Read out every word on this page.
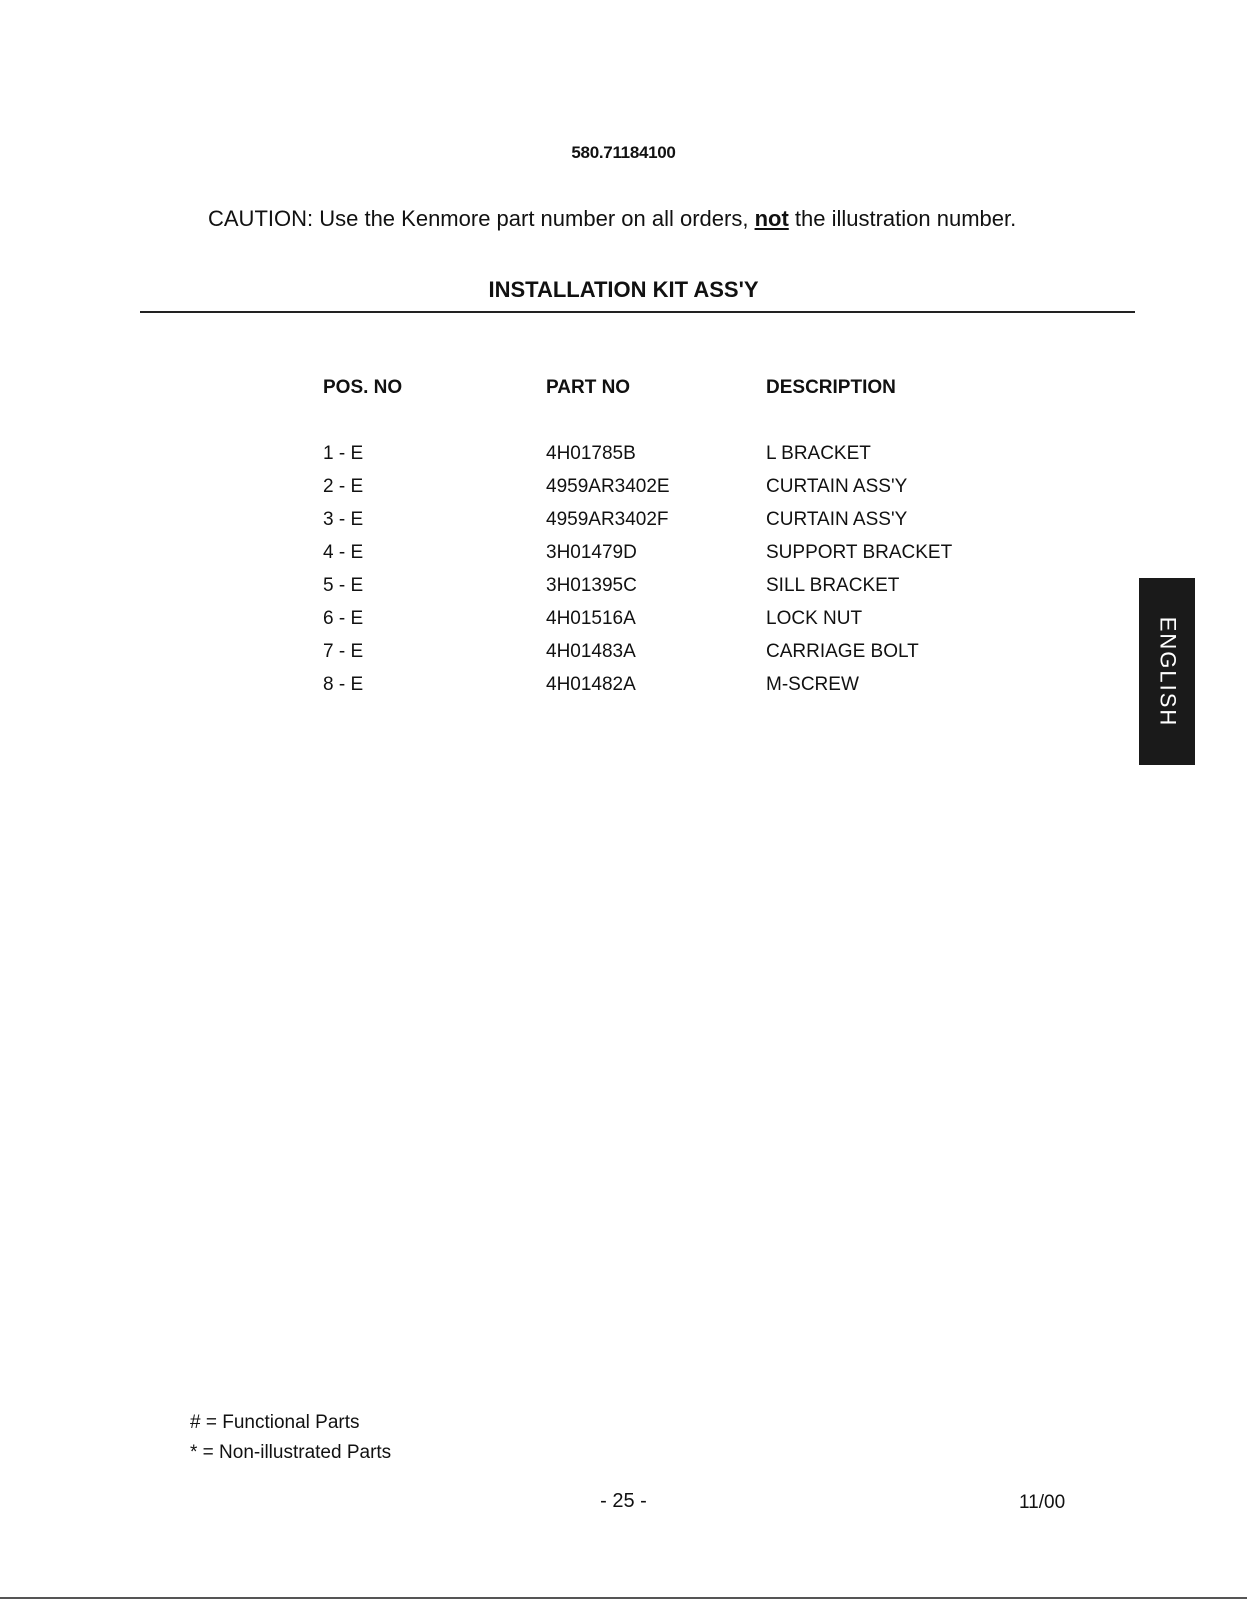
580.71184100
CAUTION: Use the Kenmore part number on all orders, not the illustration number.
INSTALLATION KIT ASS'Y
POS. NO	PART NO	DESCRIPTION
1 - E	4H01785B	L BRACKET
2 - E	4959AR3402E	CURTAIN ASS'Y
3 - E	4959AR3402F	CURTAIN ASS'Y
4 - E	3H01479D	SUPPORT BRACKET
5 - E	3H01395C	SILL BRACKET
6 - E	4H01516A	LOCK NUT
7 - E	4H01483A	CARRIAGE BOLT
8 - E	4H01482A	M-SCREW	ENGLISH
# = Functional Parts
* = Non-illustrated Parts
- 25 -	11/00
